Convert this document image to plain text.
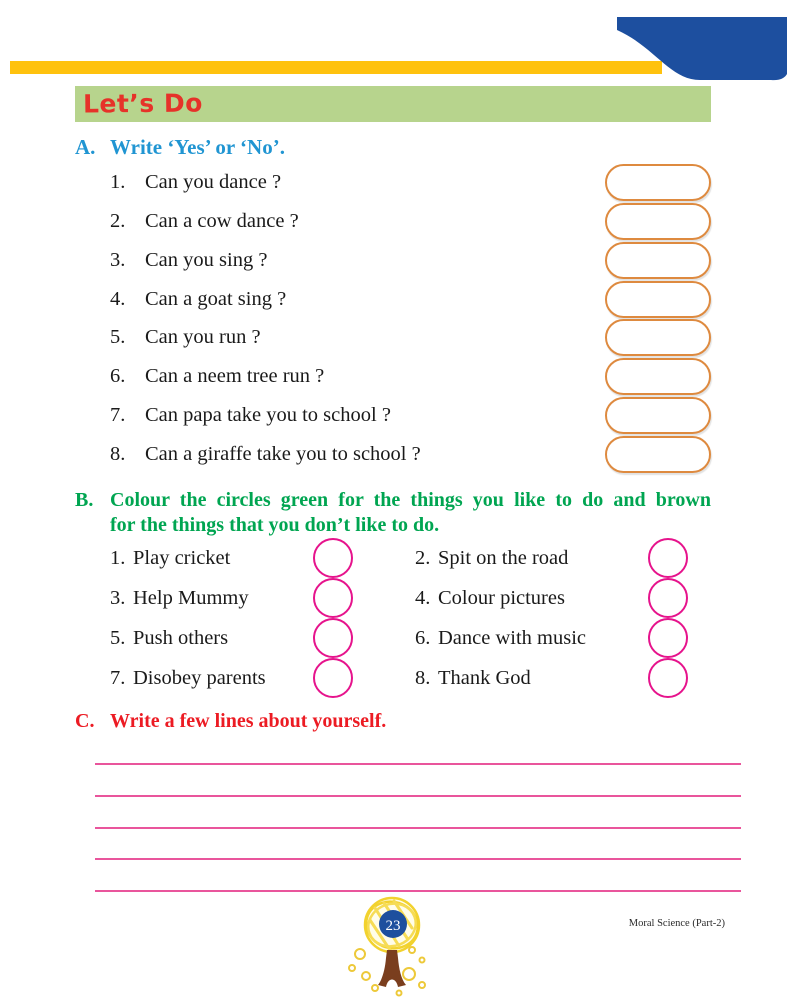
Let’s Do
A. Write ‘Yes’ or ‘No’.
1. Can you dance ?
2. Can a cow dance ?
3. Can you sing ?
4. Can a goat sing ?
5. Can you run ?
6. Can a neem tree run ?
7. Can papa take you to school ?
8. Can a giraffe take you to school ?
B. Colour the circles green for the things you like to do and brown
for the things that you don’t like to do.
1. Play cricket	2. Spit on the road
3. Help Mummy	4. Colour pictures
5. Push others	6. Dance with music
7. Disobey parents	8. Thank God
C. Write a few lines about yourself.
23	Moral Science (Part-2)
